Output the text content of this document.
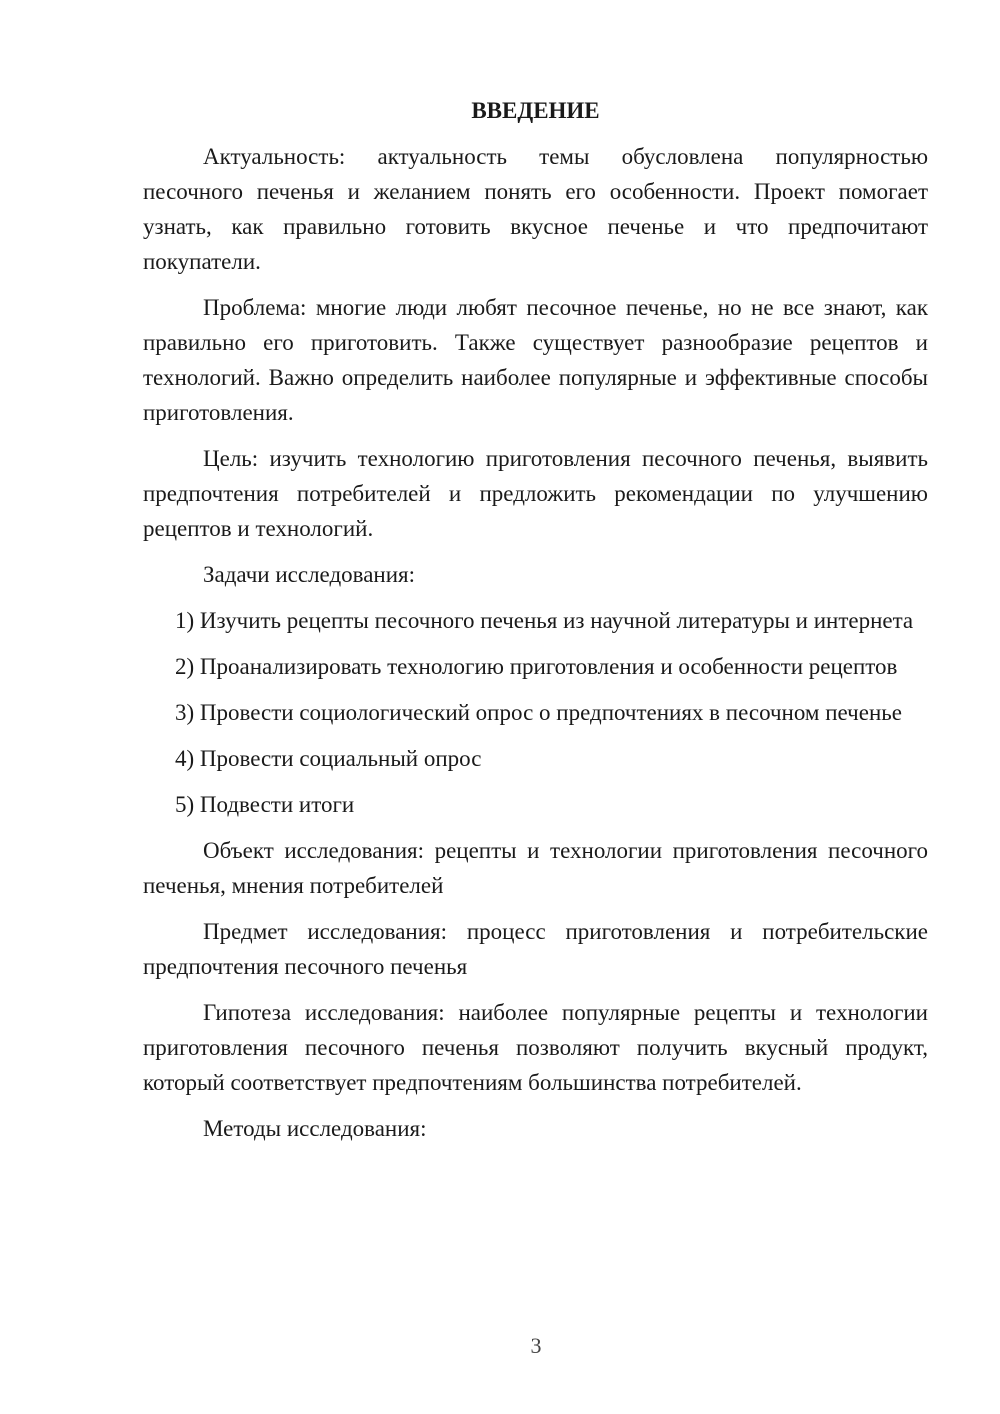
ВВЕДЕНИЕ

Актуальность: актуальность темы обусловлена популярностью песочного печенья и желанием понять его особенности. Проект помогает узнать, как правильно готовить вкусное печенье и что предпочитают покупатели.

Проблема: многие люди любят песочное печенье, но не все знают, как правильно его приготовить. Также существует разнообразие рецептов и технологий. Важно определить наиболее популярные и эффективные способы приготовления.

Цель: изучить технологию приготовления песочного печенья, выявить предпочтения потребителей и предложить рекомендации по улучшению рецептов и технологий.

Задачи исследования:

1) Изучить рецепты песочного печенья из научной литературы и интернета

2) Проанализировать технологию приготовления и особенности рецептов

3) Провести социологический опрос о предпочтениях в песочном печенье

4) Провести социальный опрос

5) Подвести итоги

Объект исследования: рецепты и технологии приготовления песочного печенья, мнения потребителей

Предмет исследования: процесс приготовления и потребительские предпочтения песочного печенья

Гипотеза исследования: наиболее популярные рецепты и технологии приготовления песочного печенья позволяют получить вкусный продукт, который соответствует предпочтениям большинства потребителей.

Методы исследования:

3
